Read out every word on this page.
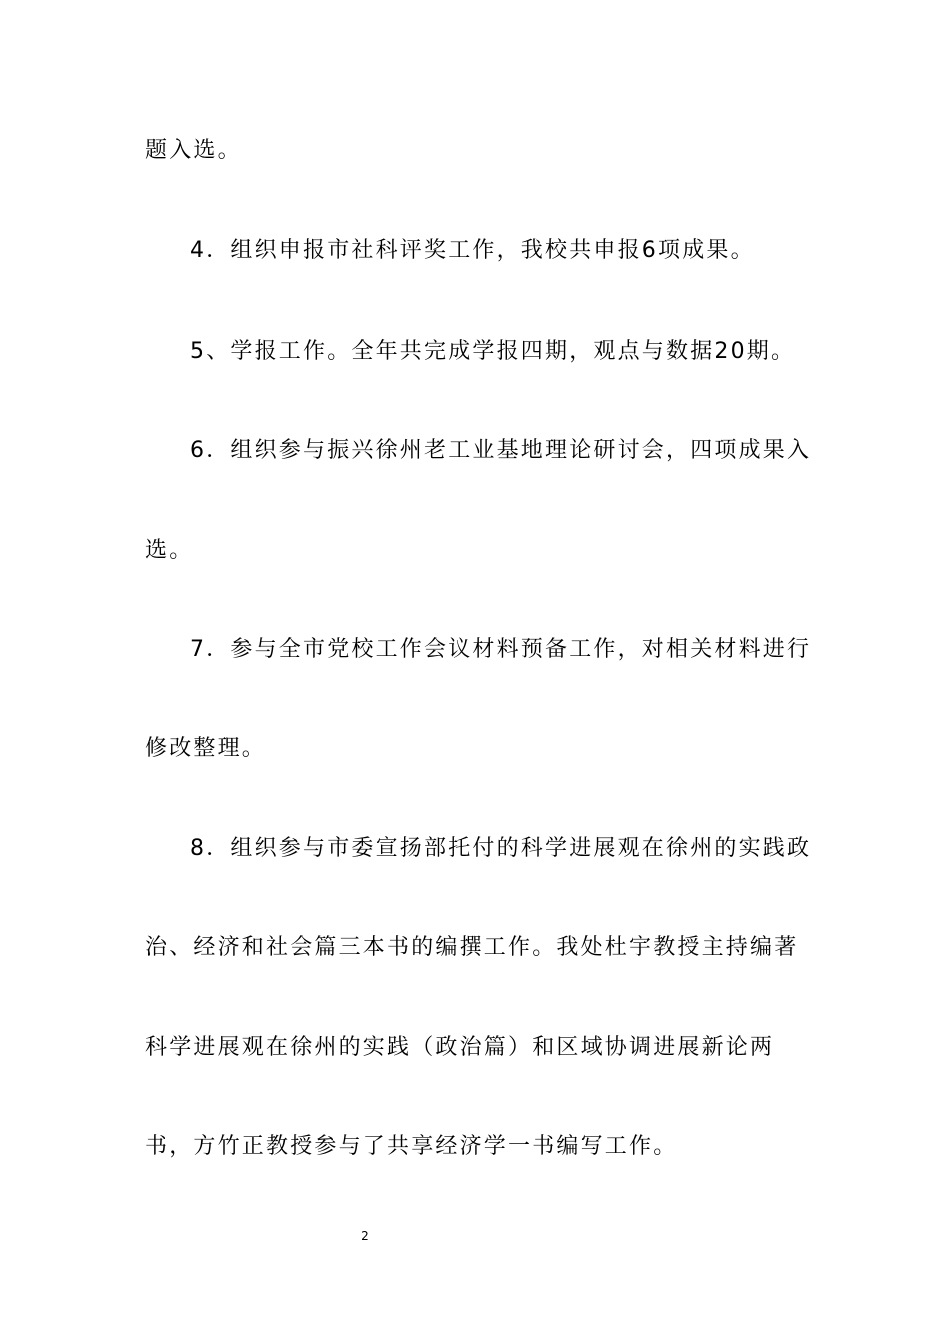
题入选。
4．组织申报市社科评奖工作，我校共申报6项成果。
5、学报工作。全年共完成学报四期，观点与数据20期。
6．组织参与振兴徐州老工业基地理论研讨会，四项成果入
选。
7．参与全市党校工作会议材料预备工作，对相关材料进行
修改整理。
8．组织参与市委宣扬部托付的科学进展观在徐州的实践政
治、经济和社会篇三本书的编撰工作。我处杜宇教授主持编著
科学进展观在徐州的实践（政治篇）和区域协调进展新论两
书，方竹正教授参与了共享经济学一书编写工作。
2
